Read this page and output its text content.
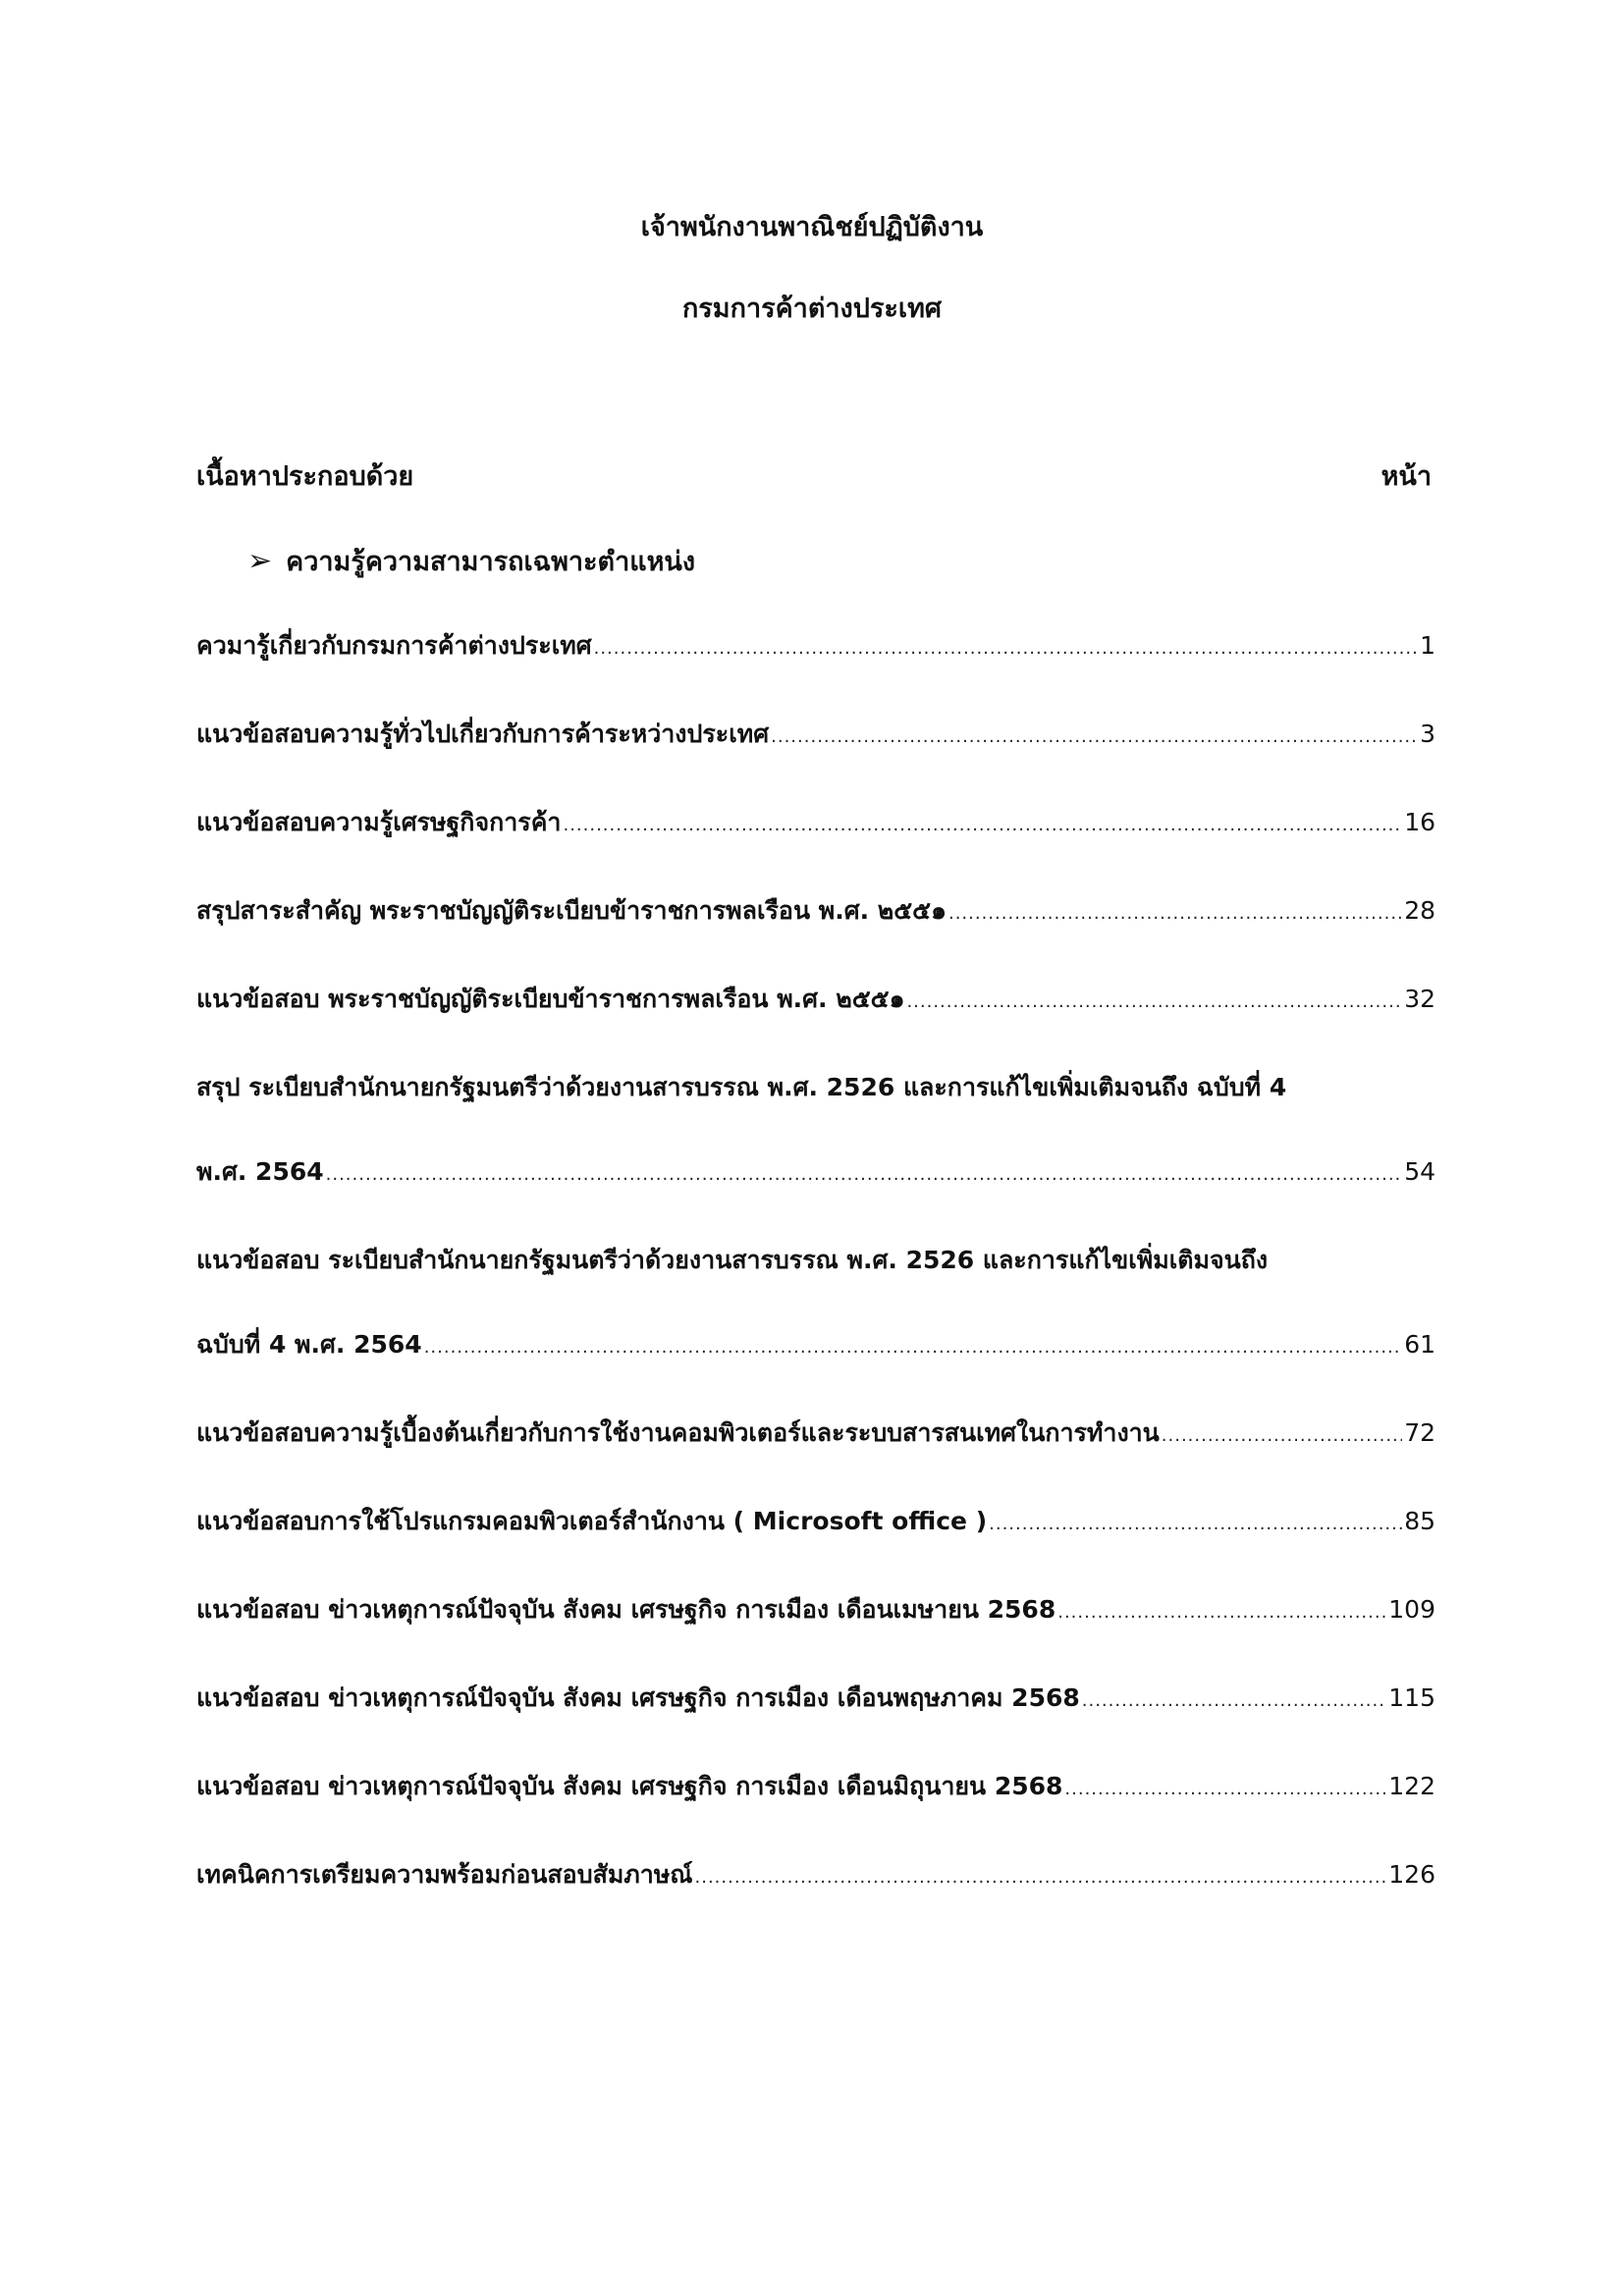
เจ้าพนักงานพาณิชย์ปฏิบัติงาน
กรมการค้าต่างประเทศ
เนื้อหาประกอบด้วย	หน้า
➢ ความรู้ความสามารถเฉพาะตำแหน่ง
ควมารู้เกี่ยวกับกรมการค้าต่างประเทศ .....	1
แนวข้อสอบความรู้ทั่วไปเกี่ยวกับการค้าระหว่างประเทศ .....	3
แนวข้อสอบความรู้เศรษฐกิจการค้า .....	16
สรุปสาระสำคัญ พระราชบัญญัติระเบียบข้าราชการพลเรือน พ.ศ. ๒๕๕๑ .....	28
แนวข้อสอบ พระราชบัญญัติระเบียบข้าราชการพลเรือน พ.ศ. ๒๕๕๑ .....	32
สรุป ระเบียบสำนักนายกรัฐมนตรีว่าด้วยงานสารบรรณ พ.ศ. 2526 และการแก้ไขเพิ่มเติมจนถึง ฉบับที่ 4
พ.ศ. 2564 .....	54
แนวข้อสอบ ระเบียบสำนักนายกรัฐมนตรีว่าด้วยงานสารบรรณ พ.ศ. 2526 และการแก้ไขเพิ่มเติมจนถึง
ฉบับที่ 4 พ.ศ. 2564 .....	61
แนวข้อสอบความรู้เบื้องต้นเกี่ยวกับการใช้งานคอมพิวเตอร์และระบบสารสนเทศในการทำงาน .....	72
แนวข้อสอบการใช้โปรแกรมคอมพิวเตอร์สำนักงาน ( Microsoft office ) .....	85
แนวข้อสอบ ข่าวเหตุการณ์ปัจจุบัน สังคม เศรษฐกิจ การเมือง เดือนเมษายน 2568 .....	109
แนวข้อสอบ ข่าวเหตุการณ์ปัจจุบัน สังคม เศรษฐกิจ การเมือง เดือนพฤษภาคม 2568 .....	115
แนวข้อสอบ ข่าวเหตุการณ์ปัจจุบัน สังคม เศรษฐกิจ การเมือง เดือนมิถุนายน 2568 .....	122
เทคนิคการเตรียมความพร้อมก่อนสอบสัมภาษณ์ .....	126
